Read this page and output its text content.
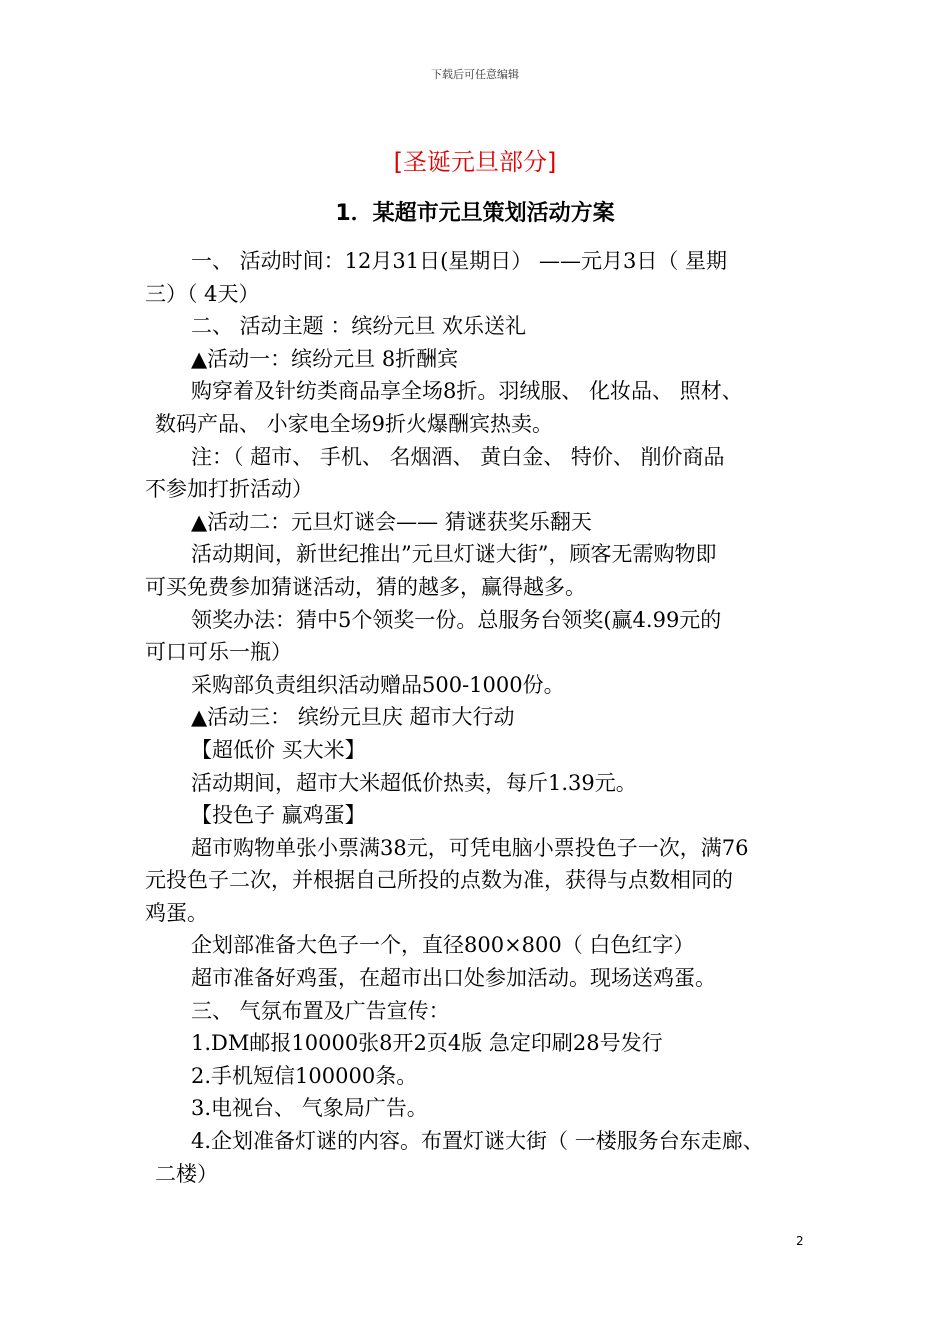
下载后可任意编辑
[圣诞元旦部分]
1．某超市元旦策划活动方案
一、 活动时间：12月31日(星期日） ——元月3日（ 星期
三）（ 4天）
二、 活动主题 ：缤纷元旦 欢乐送礼
▲活动一：缤纷元旦 8折酬宾
购穿着及针纺类商品享全场8折。羽绒服、 化妆品、 照材、
数码产品、 小家电全场9折火爆酬宾热卖。
注：（ 超市、 手机、 名烟酒、 黄白金、 特价、 削价商品
不参加打折活动）
▲活动二：元旦灯谜会—— 猜谜获奖乐翻天
活动期间，新世纪推出”元旦灯谜大街”，顾客无需购物即
可买免费参加猜谜活动，猜的越多，赢得越多。
领奖办法：猜中5个领奖一份。总服务台领奖(赢4.99元的
可口可乐一瓶）
采购部负责组织活动赠品500-1000份。
▲活动三： 缤纷元旦庆 超市大行动
【超低价 买大米】
活动期间，超市大米超低价热卖，每斤1.39元。
【投色子 赢鸡蛋】
超市购物单张小票满38元，可凭电脑小票投色子一次，满76
元投色子二次，并根据自己所投的点数为准，获得与点数相同的
鸡蛋。
企划部准备大色子一个，直径800×800（ 白色红字）
超市准备好鸡蛋，在超市出口处参加活动。现场送鸡蛋。
三、 气氛布置及广告宣传：
1.DM邮报10000张8开2页4版 急定印刷28号发行
2.手机短信100000条。
3.电视台、 气象局广告。
4.企划准备灯谜的内容。布置灯谜大街（ 一楼服务台东走廊、
二楼）
2
